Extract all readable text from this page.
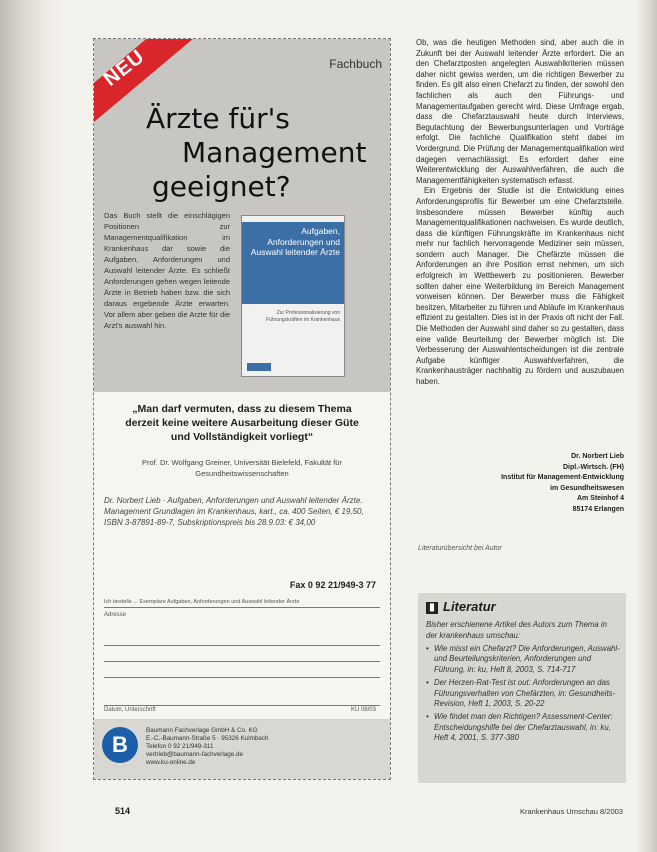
NEU	Fachbuch
Ärzte für's
Management
geeignet?
Das Buch stellt die einschlägigen Positionen zur Managementqualifikation im Krankenhaus dar sowie die Aufgaben, Anforderungen und Auswahl leitender Ärzte. Es schließt Anforderungen gehen wegen leitende Ärzte in Betrieb haben bzw. die sich daraus ergebende Ärzte erwarten. Vor allem aber geben die Arzte für die Arzt's auswahl hin.
Aufgaben, Anforderungen und Auswahl leitender Ärzte
Zur Professionalisierung von Führungskräften im Krankenhaus
„Man darf vermuten, dass zu diesem Thema derzeit keine weitere Ausarbeitung dieser Güte und Vollständigkeit vorliegt“
Prof. Dr. Wolfgang Greiner, Universität Bielefeld, Fakultät für Gesundheitswissenschaften
Dr. Norbert Lieb · Aufgaben, Anforderungen und Auswahl leitender Ärzte. Management Grundlagen im Krankenhaus, kart., ca. 400 Seiten, € 19,50, ISBN 3-87891-89-7, Subskriptionspreis bis 28.9.03: € 34,00
Fax 0 92 21/949-3 77
Ich bestelle ... Exemplare Aufgaben, Anforderungen und Auswahl leitender Ärzte
Adresse
Datum, Unterschrift	KU 08/03
B
Baumann Fachverlage GmbH & Co. KG
E.-C.-Baumann-Straße 5 · 95326 Kulmbach
Telefon 0 92 21/949-311
vertrieb@baumann-fachverlage.de
www.ku-online.de

Ob, was die heutigen Methoden sind, aber auch die in Zukunft bei der Auswahl leitender Ärzte erfordert. Die an den Chefarztposten angelegten Auswahlkriterien müssen daher nicht gewiss werden, um die richtigen Bewerber zu finden. Es gilt also einen Chefarzt zu finden, der sowohl den fachlichen als auch den Führungs- und Managementaufgaben gerecht wird. Diese Umfrage ergab, dass die Chefarztauswahl heute durch Interviews, Begutachtung der Bewerbungsunterlagen und Vorträge erfolgt. Die fachliche Qualifikation steht dabei im Vordergrund. Die Prüfung der Managementqualifikation wird dagegen vernachlässigt. Es erfordert daher eine Weiterentwicklung der Auswahlverfahren, die auch die Managementfähigkeiten systematisch erfasst.

Ein Ergebnis der Studie ist die Entwicklung eines Anforderungsprofils für Bewerber um eine Chefarztstelle. Insbesondere müssen Bewerber künftig auch Managementqualifikationen nachweisen. Es wurde deutlich, dass die künftigen Führungskräfte im Krankenhaus nicht mehr nur fachlich hervorragende Mediziner sein müssen, sondern auch Manager. Die Chefärzte müssen die Anforderungen an ihre Position ernst nehmen, um sich erfolgreich im Wettbewerb zu positionieren. Bewerber sollten daher eine Weiterbildung im Bereich Management vorweisen können. Der Bewerber muss die Fähigkeit besitzen, Mitarbeiter zu führen und Abläufe im Krankenhaus effizient zu gestalten. Dies ist in der Praxis oft nicht der Fall. Die Methoden der Auswahl sind daher so zu gestalten, dass eine valide Beurteilung der Bewerber möglich ist. Die Verbesserung der Auswahlentscheidungen ist die zentrale Aufgabe künftiger Auswahlverfahren, die Krankenhausträger nachhaltig zu fördern und auszubauen haben.

Dr. Norbert Lieb
Dipl.-Wirtsch. (FH)
Institut für Management-Entwicklung
im Gesundheitswesen
Am Steinhof 4
85174 Erlangen
Literaturübersicht bei Autor
▮ Literatur
Bisher erschienene Artikel des Autors zum Thema in der krankenhaus umschau:
• Wie misst ein Chefarzt? Die Anforderungen, Auswahl- und Beurteilungskriterien, Anforderungen und Führung, in: ku, Heft 8, 2003, S. 714-717
• Der Herzen-Rat-Test ist out: Anforderungen an das Führungsverhalten von Chefärzten, in: Gesundheits-Revision, Heft 1, 2003, S. 20-22
• Wie findet man den Richtigen? Assessment-Center: Entscheidungshilfe bei der Chefarztauswahl, in: ku, Heft 4, 2001, S. 377-380
514	Krankenhaus Umschau 8/2003
